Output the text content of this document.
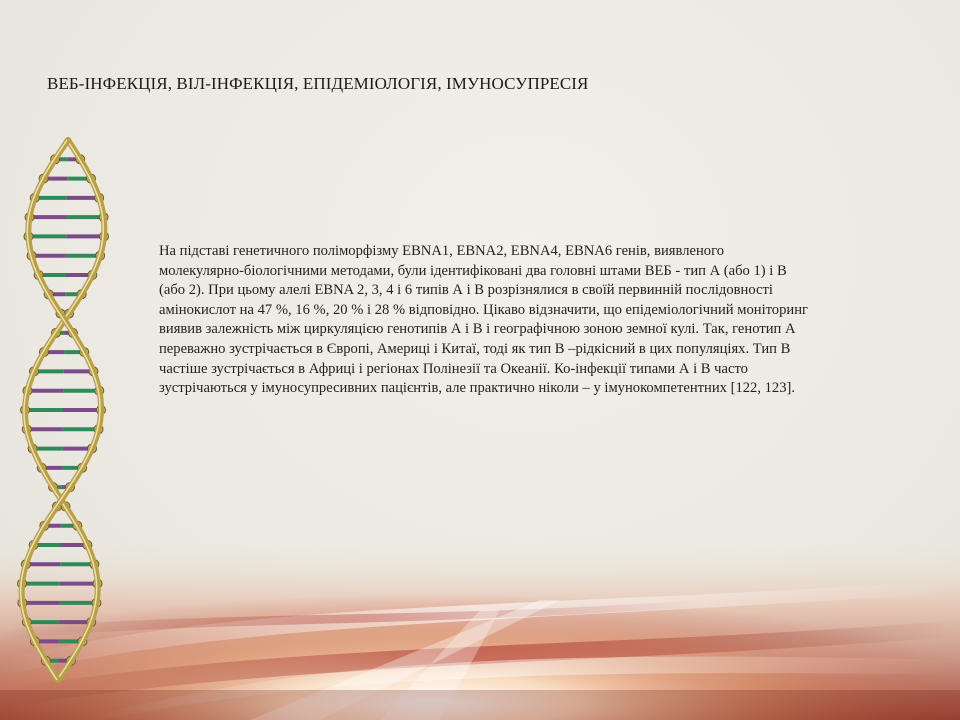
ВЕБ-ІНФЕКЦІЯ, ВІЛ-ІНФЕКЦІЯ, ЕПІДЕМІОЛОГІЯ, ІМУНОСУПРЕСІЯ

На підставі генетичного поліморфізму EBNA1, EBNA2, EBNA4, EBNA6 генів, виявленого молекулярно-біологічними методами, були ідентифіковані два головні штами ВЕБ - тип А (або 1) і В (або 2). При цьому алелі EBNA 2, 3, 4 і 6 типів А і В розрізнялися в своїй первинній послідовності амінокислот на 47 %, 16 %, 20 % і 28 % відповідно. Цікаво відзначити, що епідеміологічний моніторинг виявив залежність між циркуляцією генотипів А і В і географічною зоною земної кулі. Так, генотип А переважно зустрічається в Європі, Америці і Китаї, тоді як тип В –рідкісний в цих популяціях. Тип В частіше зустрічається в Африці і регіонах Полінезії та Океанії. Ко-інфекції типами А і В часто зустрічаються у імуносупресивних пацієнтів, але практично ніколи – у імунокомпетентних [122, 123].
